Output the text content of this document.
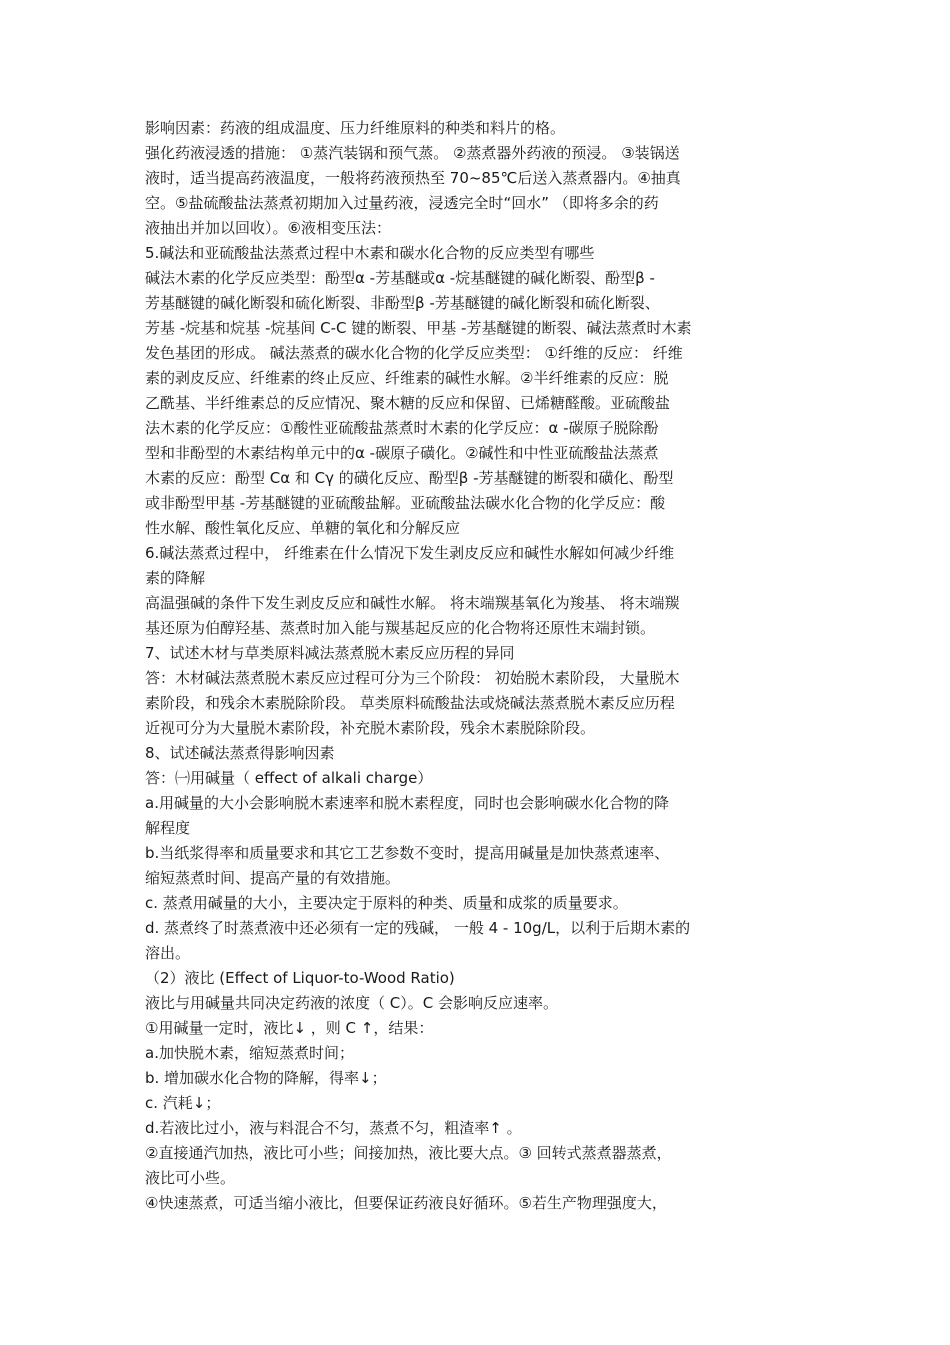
影响因素：药液的组成温度、压力纤维原料的种类和料片的格。
强化药液浸透的措施： ①蒸汽装锅和预气蒸。 ②蒸煮器外药液的预浸。 ③装锅送
液时，适当提高药液温度，一般将药液预热至 70~85℃后送入蒸煮器内。④抽真
空。⑤盐硫酸盐法蒸煮初期加入过量药液，浸透完全时“回水” （即将多余的药
液抽出并加以回收）。⑥液相变压法：
5.碱法和亚硫酸盐法蒸煮过程中木素和碳水化合物的反应类型有哪些
碱法木素的化学反应类型：酚型α -芳基醚或α -烷基醚键的碱化断裂、酚型β -
芳基醚键的碱化断裂和硫化断裂、非酚型β -芳基醚键的碱化断裂和硫化断裂、
芳基 -烷基和烷基 -烷基间 C-C 键的断裂、甲基 -芳基醚键的断裂、碱法蒸煮时木素
发色基团的形成。 碱法蒸煮的碳水化合物的化学反应类型： ①纤维的反应： 纤维
素的剥皮反应、纤维素的终止反应、纤维素的碱性水解。②半纤维素的反应：脱
乙酰基、半纤维素总的反应情况、聚木糖的反应和保留、已烯糖醛酸。亚硫酸盐
法木素的化学反应：①酸性亚硫酸盐蒸煮时木素的化学反应：α -碳原子脱除酚
型和非酚型的木素结构单元中的α -碳原子磺化。②碱性和中性亚硫酸盐法蒸煮
木素的反应：酚型 Cα 和 Cγ 的磺化反应、酚型β -芳基醚键的断裂和磺化、酚型
或非酚型甲基 -芳基醚键的亚硫酸盐解。亚硫酸盐法碳水化合物的化学反应：酸
性水解、酸性氧化反应、单糖的氧化和分解反应
6.碱法蒸煮过程中， 纤维素在什么情况下发生剥皮反应和碱性水解如何减少纤维
素的降解
高温强碱的条件下发生剥皮反应和碱性水解。 将末端羰基氧化为羧基、 将末端羰
基还原为伯醇羟基、蒸煮时加入能与羰基起反应的化合物将还原性末端封锁。
7、试述木材与草类原料减法蒸煮脱木素反应历程的异同
答：木材碱法蒸煮脱木素反应过程可分为三个阶段： 初始脱木素阶段， 大量脱木
素阶段，和残余木素脱除阶段。 草类原料硫酸盐法或烧碱法蒸煮脱木素反应历程
近视可分为大量脱木素阶段，补充脱木素阶段，残余木素脱除阶段。
8、试述碱法蒸煮得影响因素
答：㈠用碱量（ effect of alkali charge）
a.用碱量的大小会影响脱木素速率和脱木素程度，同时也会影响碳水化合物的降
解程度
b.当纸浆得率和质量要求和其它工艺参数不变时，提高用碱量是加快蒸煮速率、
缩短蒸煮时间、提高产量的有效措施。
c. 蒸煮用碱量的大小，主要决定于原料的种类、质量和成浆的质量要求。
d. 蒸煮终了时蒸煮液中还必须有一定的残碱， 一般 4 - 10g/L，以利于后期木素的
溶出。
（2）液比 (Effect of Liquor-to-Wood Ratio)
液比与用碱量共同决定药液的浓度（ C）。C 会影响反应速率。
①用碱量一定时，液比↓ ，则 C ↑，结果：
a.加快脱木素，缩短蒸煮时间；
b. 增加碳水化合物的降解，得率↓；
c. 汽耗↓；
d.若液比过小，液与料混合不匀，蒸煮不匀，粗渣率↑ 。
②直接通汽加热，液比可小些；间接加热，液比要大点。③ 回转式蒸煮器蒸煮，
液比可小些。
④快速蒸煮，可适当缩小液比，但要保证药液良好循环。⑤若生产物理强度大，
